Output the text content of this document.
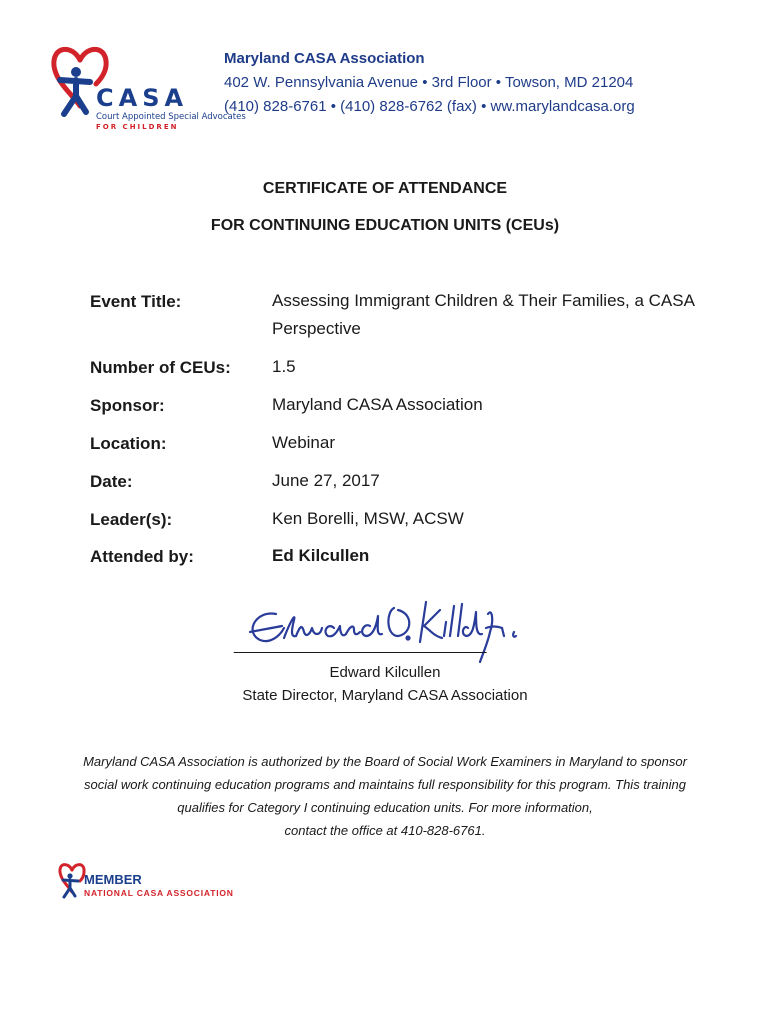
CASA
Court Appointed Special Advocates
FOR CHILDREN
Maryland CASA Association
402 W. Pennsylvania Avenue • 3rd Floor • Towson, MD 21204
(410) 828-6761 • (410) 828-6762 (fax) • ww.marylandcasa.org
CERTIFICATE OF ATTENDANCE
FOR CONTINUING EDUCATION UNITS (CEUs)
Event Title:	Assessing Immigrant Children & Their Families, a CASA Perspective
Number of CEUs: 1.5
Sponsor:	Maryland CASA Association
Location:	Webinar
Date:	June 27, 2017
Leader(s):	Ken Borelli, MSW, ACSW
Attended by:	Ed Kilcullen
______________________________
Edward Kilcullen
State Director, Maryland CASA Association
Maryland CASA Association is authorized by the Board of Social Work Examiners in Maryland to sponsor social work continuing education programs and maintains full responsibility for this program. This training qualifies for Category I continuing education units. For more information,
contact the office at 410-828-6761.
MEMBER
NATIONAL CASA ASSOCIATION
